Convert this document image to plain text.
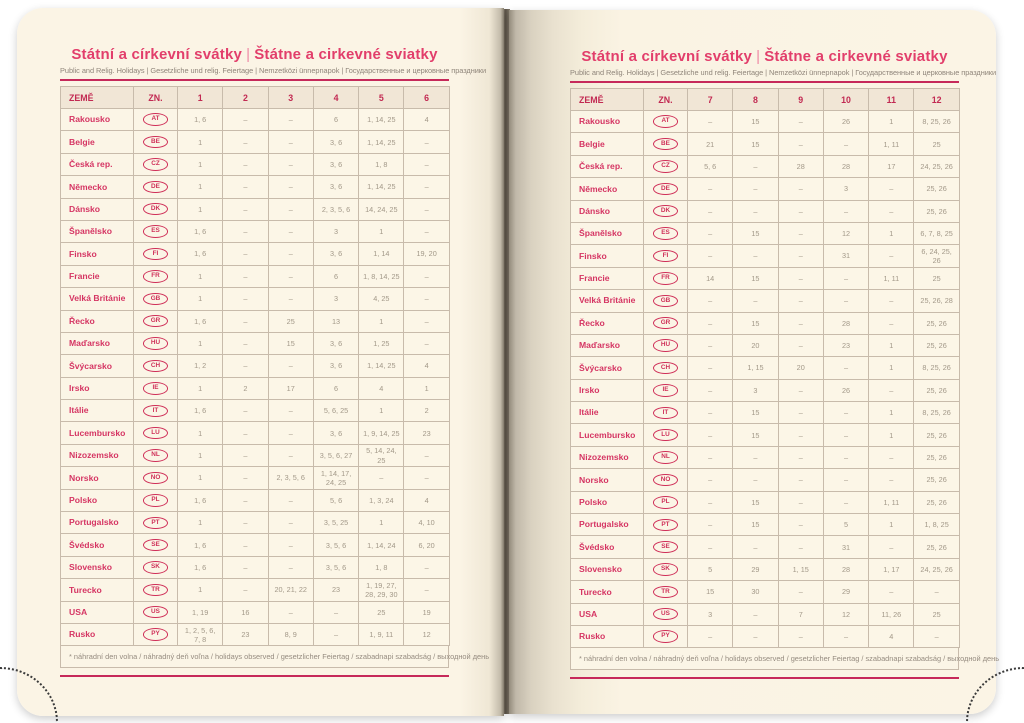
Státní a církevní svátky | Štátne a cirkevné sviatky
Public and Relig. Holidays | Gesetzliche und relig. Feiertage | Nemzetközi ünnepnapok | Государственные и церковные праздники
ZEMĚ	ZN.	1	2	3	4	5	6
Rakousko	AT	1, 6	–	–	6	1, 14, 25	4
Belgie	BE	1	–	–	3, 6	1, 14, 25	–
Česká rep.	CZ	1	–	–	3, 6	1, 8	–
Německo	DE	1	–	–	3, 6	1, 14, 25	–
Dánsko	DK	1	–	–	2, 3, 5, 6	14, 24, 25	–
Španělsko	ES	1, 6	–	–	3	1	–
Finsko	FI	1, 6	–	–	3, 6	1, 14	19, 20
Francie	FR	1	–	–	6	1, 8, 14, 25	–
Velká Británie	GB	1	–	–	3	4, 25	–
Řecko	GR	1, 6	–	25	13	1	–
Maďarsko	HU	1	–	15	3, 6	1, 25	–
Švýcarsko	CH	1, 2	–	–	3, 6	1, 14, 25	4
Irsko	IE	1	2	17	6	4	1
Itálie	IT	1, 6	–	–	5, 6, 25	1	2
Lucembursko	LU	1	–	–	3, 6	1, 9, 14, 25	23
Nizozemsko	NL	1	–	–	3, 5, 6, 27	5, 14, 24, 25	–
Norsko	NO	1	–	2, 3, 5, 6	1, 14, 17, 24, 25	–	–
Polsko	PL	1, 6	–	–	5, 6	1, 3, 24	4
Portugalsko	PT	1	–	–	3, 5, 25	1	4, 10
Švédsko	SE	1, 6	–	–	3, 5, 6	1, 14, 24	6, 20
Slovensko	SK	1, 6	–	–	3, 5, 6	1, 8	–
Turecko	TR	1	–	20, 21, 22	23	1, 19, 27, 28, 29, 30	–
USA	US	1, 19	16	–	–	25	19
Rusko	PY	1, 2, 5, 6, 7, 8	23	8, 9	–	1, 9, 11	12
* náhradní den volna / náhradný deň voľna / holidays observed / gesetzlicher Feiertag / szabadnapi szabadság / выходной день
Státní a církevní svátky | Štátne a cirkevné sviatky
Public and Relig. Holidays | Gesetzliche und relig. Feiertage | Nemzetközi ünnepnapok | Государственные и церковные праздники
ZEMĚ	ZN.	7	8	9	10	11	12
Rakousko	AT	–	15	–	26	1	8, 25, 26
Belgie	BE	21	15	–	–	1, 11	25
Česká rep.	CZ	5, 6	–	28	28	17	24, 25, 26
Německo	DE	–	–	–	3	–	25, 26
Dánsko	DK	–	–	–	–	–	25, 26
Španělsko	ES	–	15	–	12	1	6, 7, 8, 25
Finsko	FI	–	–	–	31	–	6, 24, 25, 26
Francie	FR	14	15	–	–	1, 11	25
Velká Británie	GB	–	–	–	–	–	25, 26, 28
Řecko	GR	–	15	–	28	–	25, 26
Maďarsko	HU	–	20	–	23	1	25, 26
Švýcarsko	CH	–	1, 15	20	–	1	8, 25, 26
Irsko	IE	–	3	–	26	–	25, 26
Itálie	IT	–	15	–	–	1	8, 25, 26
Lucembursko	LU	–	15	–	–	1	25, 26
Nizozemsko	NL	–	–	–	–	–	25, 26
Norsko	NO	–	–	–	–	–	25, 26
Polsko	PL	–	15	–	–	1, 11	25, 26
Portugalsko	PT	–	15	–	5	1	1, 8, 25
Švédsko	SE	–	–	–	31	–	25, 26
Slovensko	SK	5	29	1, 15	28	1, 17	24, 25, 26
Turecko	TR	15	30	–	29	–	–
USA	US	3	–	7	12	11, 26	25
Rusko	PY	–	–	–	–	4	–
* náhradní den volna / náhradný deň voľna / holidays observed / gesetzlicher Feiertag / szabadnapi szabadság / выходной день
